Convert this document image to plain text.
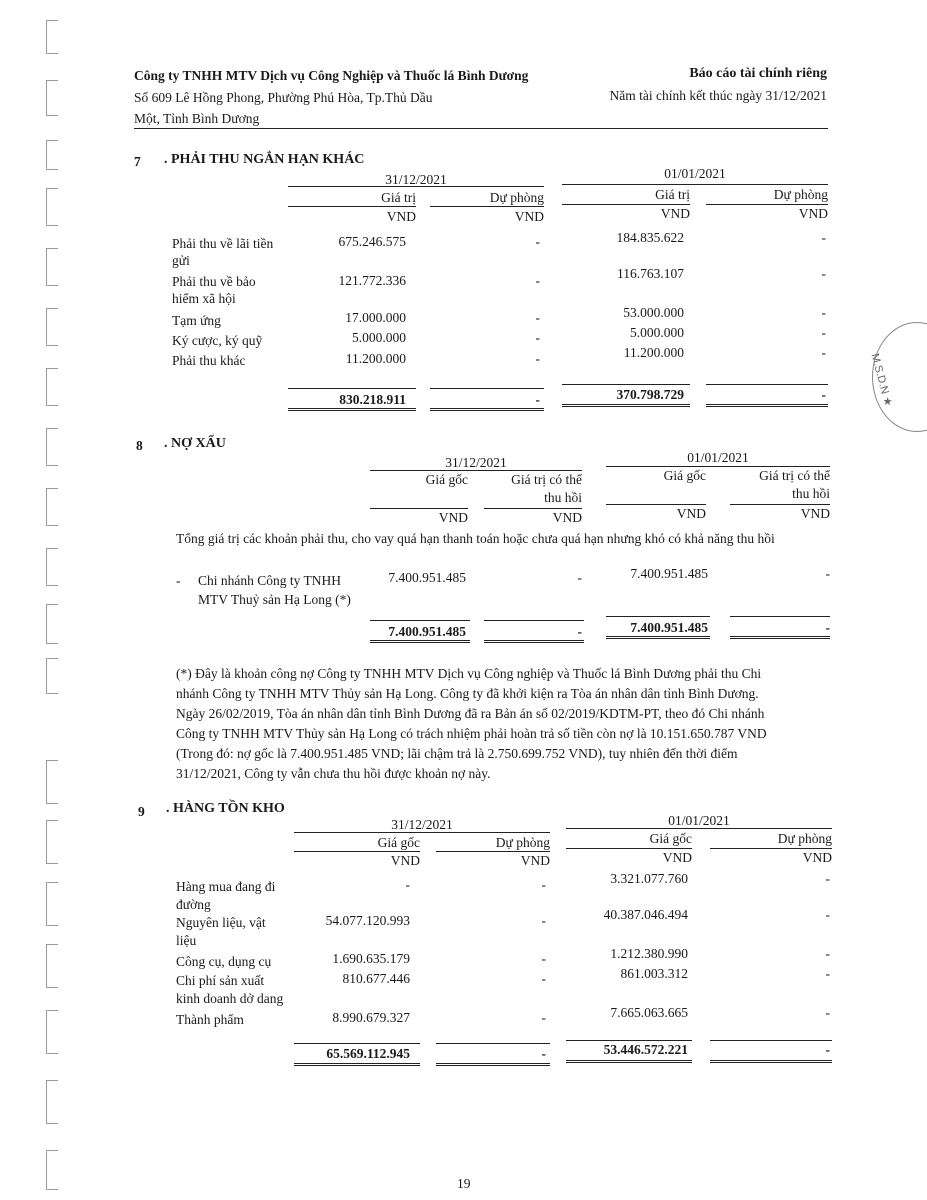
M.S.D.N ★
Công ty TNHH MTV Dịch vụ Công Nghiệp và Thuốc lá Bình Dương
Số 609 Lê Hồng Phong, Phường Phú Hòa, Tp.Thủ Dầu
Một, Tỉnh Bình Dương
Báo cáo tài chính riêng
Năm tài chính kết thúc ngày 31/12/2021
7 . PHẢI THU NGẮN HẠN KHÁC
31/12/2021	01/01/2021
Giá trị	Dự phòng	Giá trị	Dự phòng
VND	VND	VND	VND
Phải thu về lãi tiền
gửi
675.246.575	-	184.835.622	-
Phải thu về bảo
hiểm xã hội
121.772.336	-	116.763.107	-
Tạm ứng	17.000.000	-	53.000.000	-
Ký cược, ký quỹ	5.000.000	-	5.000.000	-
Phải thu khác	11.200.000	-	11.200.000	-
830.218.911	-	370.798.729	-
8 . NỢ XẤU
31/12/2021	01/01/2021
Giá gốc	Giá trị có thể
thu hồi
Giá gốc	Giá trị có thể
thu hồi
VND	VND	VND	VND
Tổng giá trị các khoản phải thu, cho vay quá hạn thanh toán hoặc chưa quá hạn nhưng khó có khả năng thu hồi
- Chi nhánh Công ty TNHH
MTV Thuỷ sản Hạ Long (*)
7.400.951.485	-	7.400.951.485	-
7.400.951.485	-	7.400.951.485	-
(*) Đây là khoản công nợ Công ty TNHH MTV Dịch vụ Công nghiệp và Thuốc lá Bình Dương phải thu Chi
nhánh Công ty TNHH MTV Thủy sản Hạ Long. Công ty đã khởi kiện ra Tòa án nhân dân tỉnh Bình Dương.
Ngày 26/02/2019, Tòa án nhân dân tỉnh Bình Dương đã ra Bản án số 02/2019/KDTM-PT, theo đó Chi nhánh
Công ty TNHH MTV Thủy sản Hạ Long có trách nhiệm phải hoàn trả số tiền còn nợ là 10.151.650.787 VND
(Trong đó: nợ gốc là 7.400.951.485 VND; lãi chậm trả là 2.750.699.752 VND), tuy nhiên đến thời điểm
31/12/2021, Công ty vẫn chưa thu hồi được khoản nợ này.
9 . HÀNG TỒN KHO
31/12/2021	01/01/2021
Giá gốc	Dự phòng	Giá gốc	Dự phòng
VND	VND	VND	VND
Hàng mua đang đi
đường
-	-	3.321.077.760	-
Nguyên liệu, vật
liệu
54.077.120.993	-	40.387.046.494	-
Công cụ, dụng cụ	1.690.635.179	-	1.212.380.990	-
Chi phí sản xuất
kinh doanh dở dang
810.677.446	-	861.003.312	-
Thành phẩm	8.990.679.327	-	7.665.063.665	-
65.569.112.945	-	53.446.572.221	-
19
